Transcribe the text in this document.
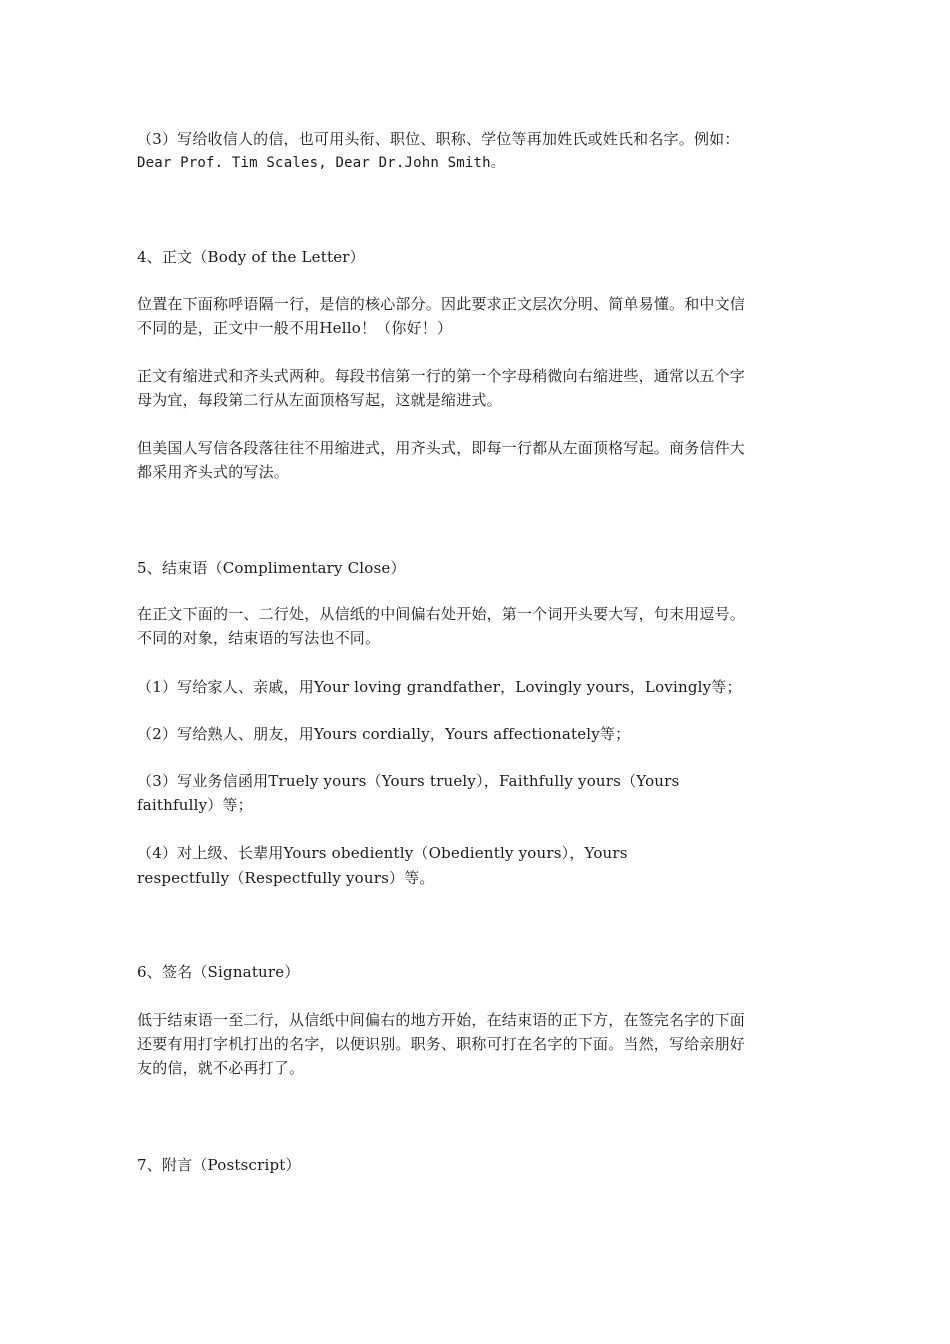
（3）写给收信人的信，也可用头衔、职位、职称、学位等再加姓氏或姓氏和名字。例如：

Dear Prof. Tim Scales, Dear Dr.John Smith。

4、正文（Body of the Letter）

位置在下面称呼语隔一行，是信的核心部分。因此要求正文层次分明、简单易懂。和中文信

不同的是，正文中一般不用Hello！（你好！）

正文有缩进式和齐头式两种。每段书信第一行的第一个字母稍微向右缩进些，通常以五个字

母为宜，每段第二行从左面顶格写起，这就是缩进式。

但美国人写信各段落往往不用缩进式，用齐头式，即每一行都从左面顶格写起。商务信件大

都采用齐头式的写法。

5、结束语（Complimentary Close）

在正文下面的一、二行处，从信纸的中间偏右处开始，第一个词开头要大写，句末用逗号。

不同的对象，结束语的写法也不同。

（1）写给家人、亲戚，用Your loving grandfather，Lovingly yours，Lovingly等；

（2）写给熟人、朋友，用Yours cordially，Yours affectionately等；

（3）写业务信函用Truely yours（Yours truely），Faithfully yours（Yours

faithfully）等；

（4）对上级、长辈用Yours obediently（Obediently yours），Yours

respectfully（Respectfully yours）等。

6、签名（Signature）

低于结束语一至二行，从信纸中间偏右的地方开始，在结束语的正下方，在签完名字的下面

还要有用打字机打出的名字，以便识别。职务、职称可打在名字的下面。当然，写给亲朋好

友的信，就不必再打了。

7、附言（Postscript）
